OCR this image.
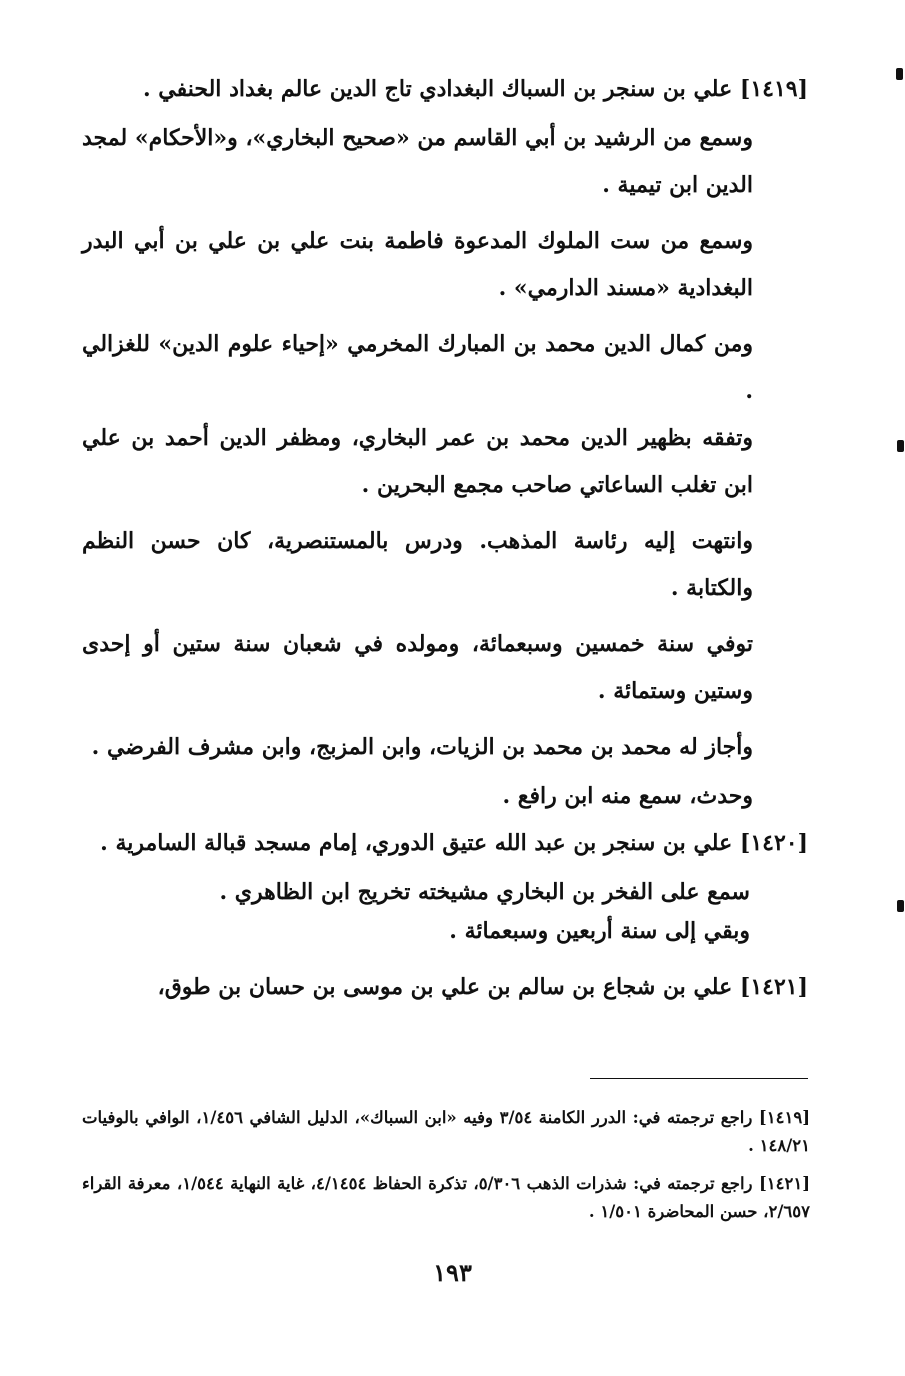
[١٤١٩] علي بن سنجر بن السباك البغدادي تاج الدين عالم بغداد الحنفي .

وسمع من الرشيد بن أبي القاسم من «صحيح البخاري»، و«الأحكام» لمجد الدين ابن تيمية .

وسمع من ست الملوك المدعوة فاطمة بنت علي بن علي بن أبي البدر البغدادية «مسند الدارمي» .

ومن كمال الدين محمد بن المبارك المخرمي «إحياء علوم الدين» للغزالي .

وتفقه بظهير الدين محمد بن عمر البخاري، ومظفر الدين أحمد بن علي ابن تغلب الساعاتي صاحب مجمع البحرين .

وانتهت إليه رئاسة المذهب. ودرس بالمستنصرية، كان حسن النظم والكتابة .

توفي سنة خمسين وسبعمائة، ومولده في شعبان سنة ستين أو إحدى وستين وستمائة .

وأجاز له محمد بن محمد بن الزيات، وابن المزبج، وابن مشرف الفرضي .

وحدث، سمع منه ابن رافع .

[١٤٢٠] علي بن سنجر بن عبد الله عتيق الدوري، إمام مسجد قبالة السامرية .

سمع على الفخر بن البخاري مشيخته تخريج ابن الظاهري .

وبقي إلى سنة أربعين وسبعمائة .

[١٤٢١] علي بن شجاع بن سالم بن علي بن موسى بن حسان بن طوق،

[١٤١٩] راجع ترجمته في: الدرر الكامنة ٣/٥٤ وفيه «ابن السباك»، الدليل الشافي ١/٤٥٦، الوافي بالوفيات ١٤٨/٢١ .

[١٤٢١] راجع ترجمته في: شذرات الذهب ٥/٣٠٦، تذكرة الحفاظ ٤/١٤٥٤، غاية النهاية ١/٥٤٤، معرفة القراء ٢/٦٥٧، حسن المحاضرة ١/٥٠١ .

١٩٣
